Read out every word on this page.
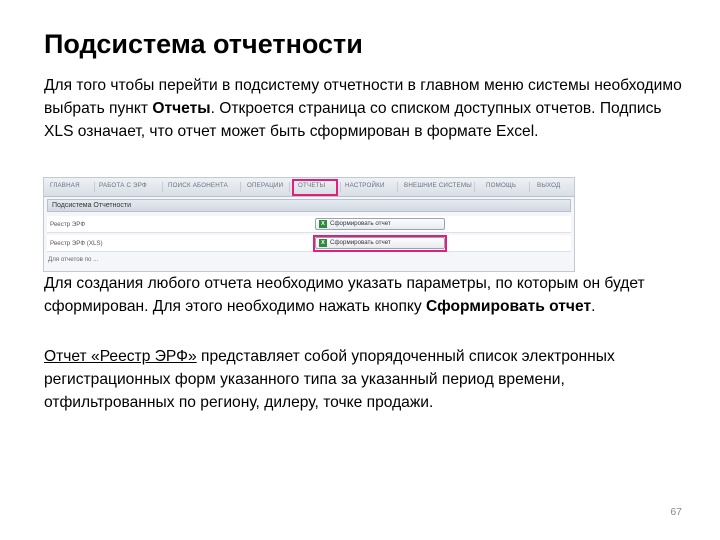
Подсистема отчетности
Для того чтобы перейти в подсистему отчетности в главном меню системы необходимо выбрать пункт Отчеты. Откроется страница со списком доступных отчетов. Подпись XLS означает, что отчет может быть сформирован в формате Excel.
ГЛАВНАЯ	РАБОТА С ЭРФ	ПОИСК АБОНЕНТА	ОПЕРАЦИИ ОТЧЕТЫ	НАСТРОЙКИ	ВНЕШНИЕ СИСТЕМЫ ПОМОЩЬ	ВЫХОД
Подсистема Отчетности
Реестр ЭРФ	X Сформировать отчет
Реестр ЭРФ (XLS)	X Сформировать отчет
Для отчетов по ...
Для создания любого отчета необходимо указать параметры, по которым он будет сформирован. Для этого необходимо нажать кнопку Сформировать отчет.
Отчет «Реестр ЭРФ» представляет собой упорядоченный список электронных регистрационных форм указанного типа за указанный период времени, отфильтрованных по региону, дилеру, точке продажи.
67
